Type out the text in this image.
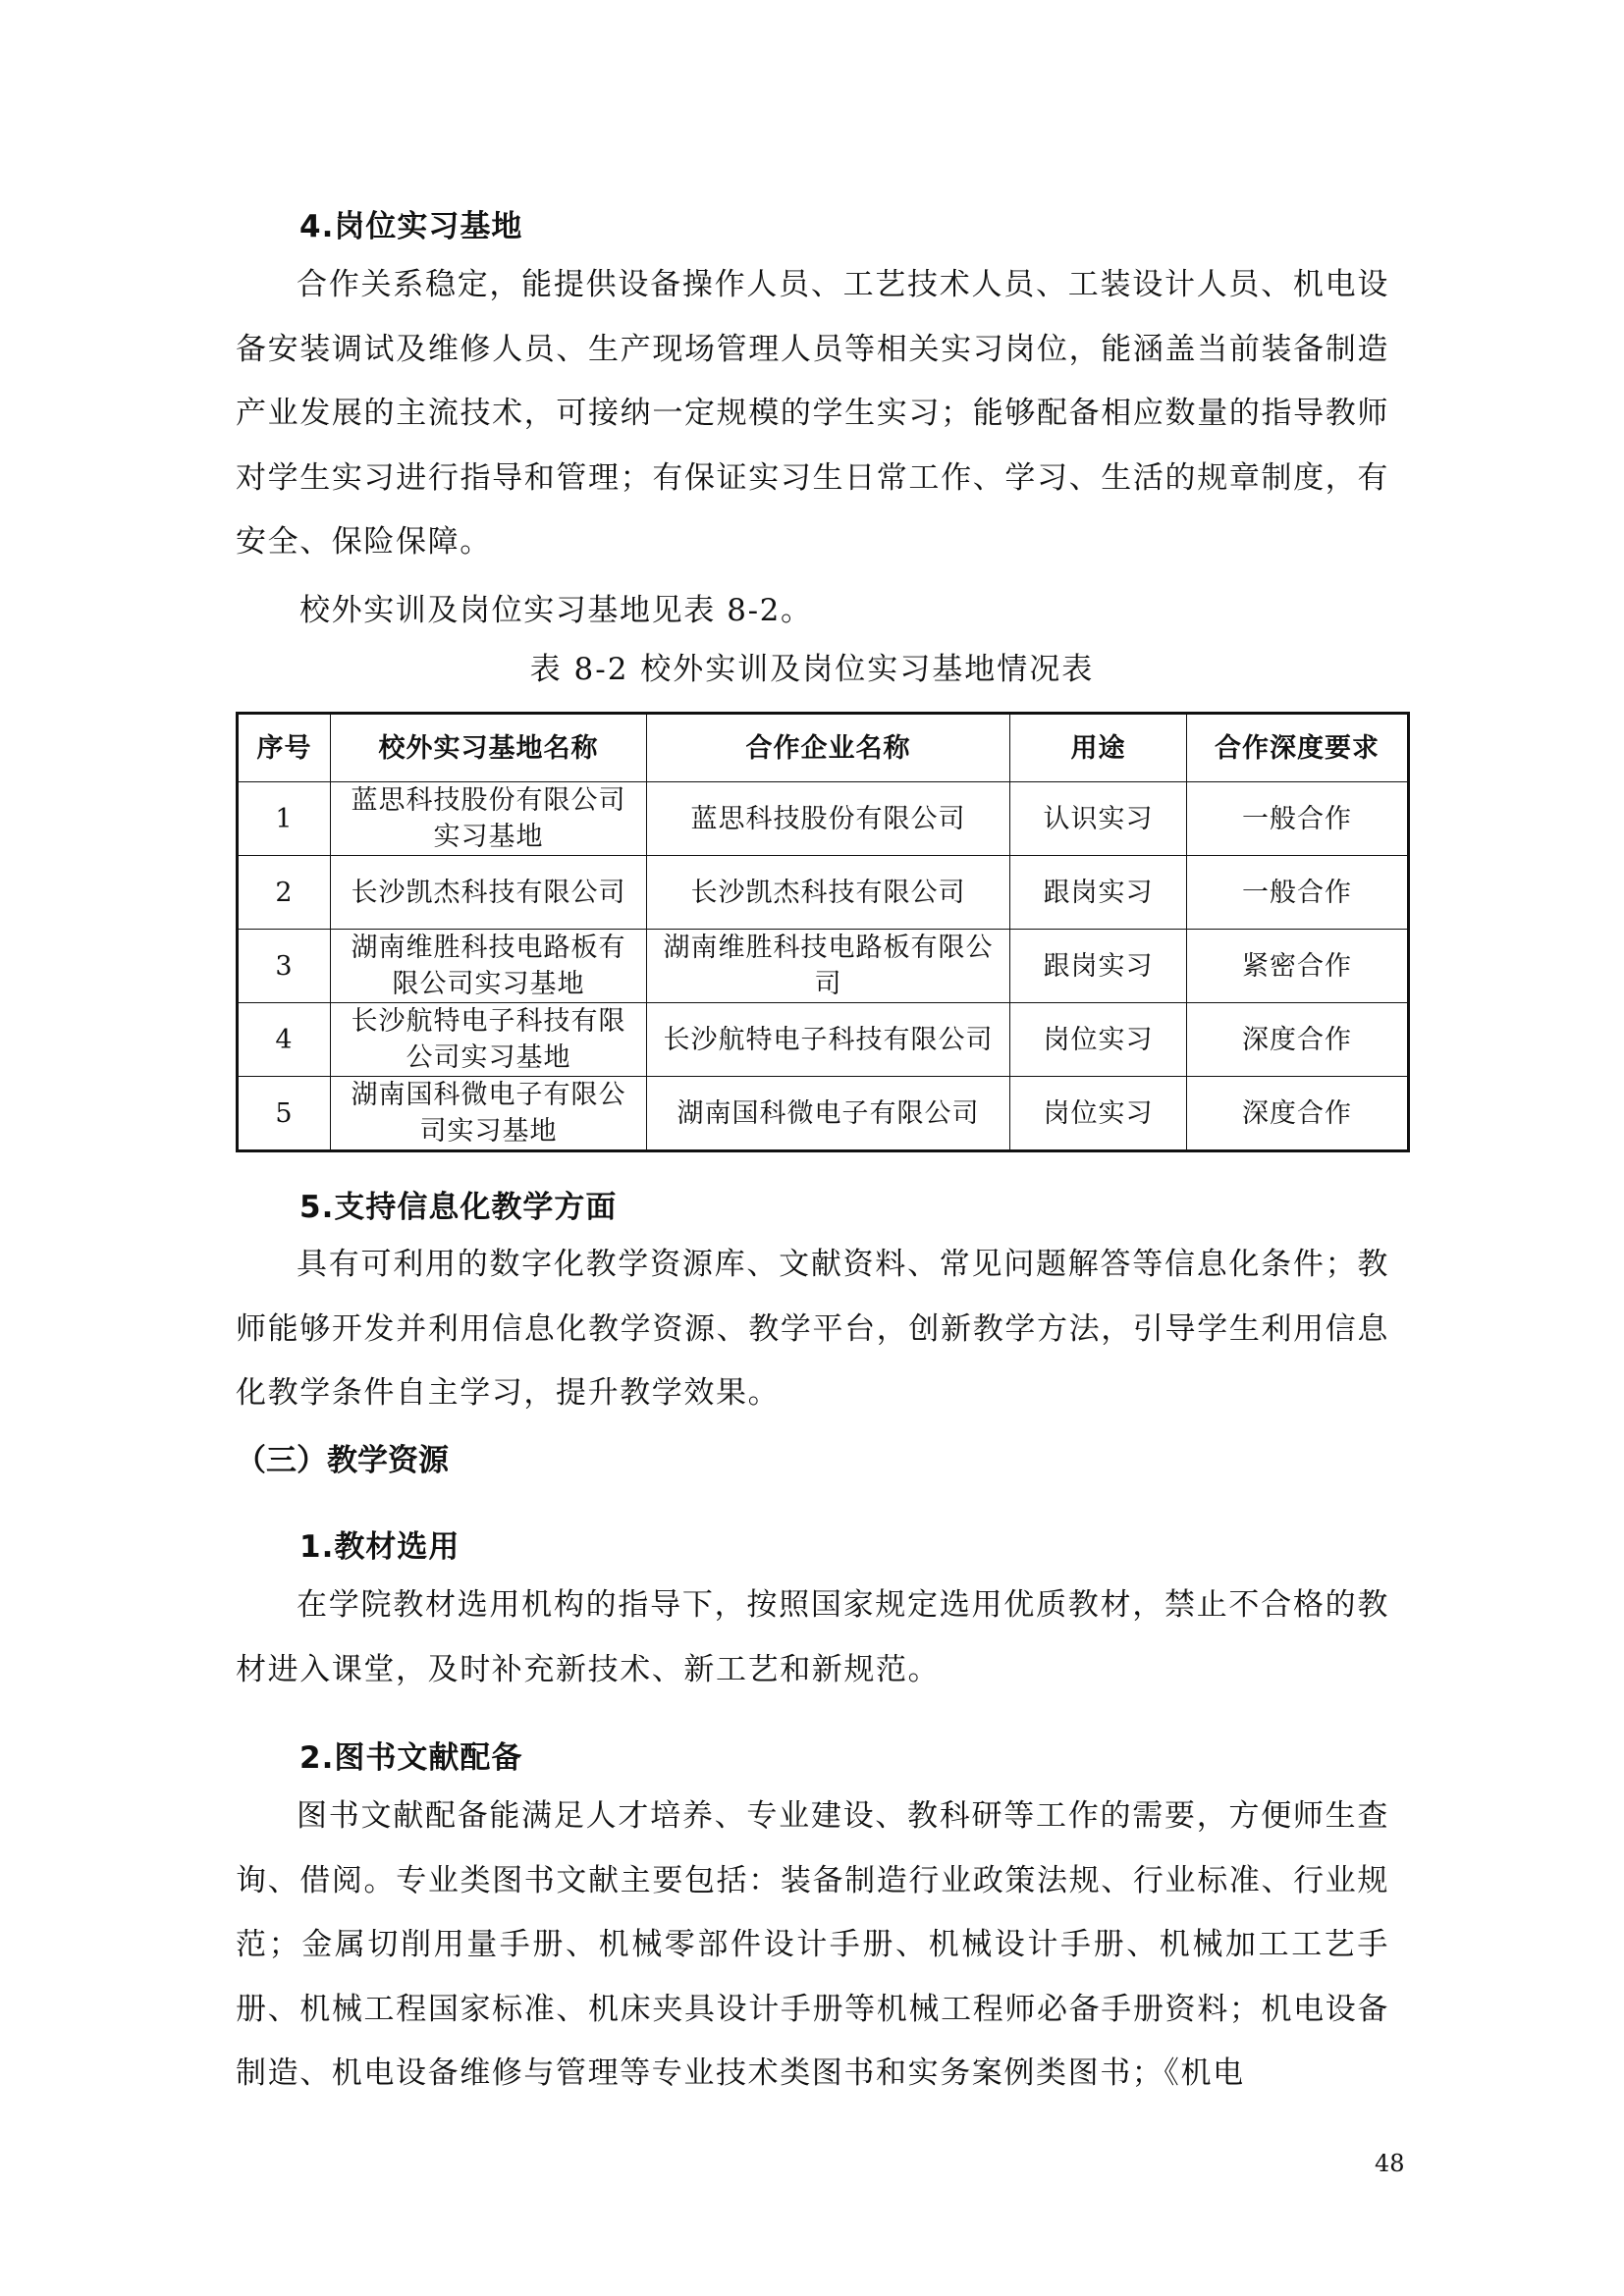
4.岗位实习基地

合作关系稳定，能提供设备操作人员、工艺技术人员、工装设计人员、机电设备安装调试及维修人员、生产现场管理人员等相关实习岗位，能涵盖当前装备制造产业发展的主流技术，可接纳一定规模的学生实习；能够配备相应数量的指导教师对学生实习进行指导和管理；有保证实习生日常工作、学习、生活的规章制度，有安全、保险保障。

校外实训及岗位实习基地见表 8-2。
表 8-2 校外实训及岗位实习基地情况表
序号	校外实习基地名称	合作企业名称	用途	合作深度要求
1	蓝思科技股份有限公司实习基地	蓝思科技股份有限公司	认识实习	一般合作
2	长沙凯杰科技有限公司	长沙凯杰科技有限公司	跟岗实习	一般合作
3	湖南维胜科技电路板有限公司实习基地	湖南维胜科技电路板有限公司	跟岗实习	紧密合作
4	长沙航特电子科技有限公司实习基地	长沙航特电子科技有限公司	岗位实习	深度合作
5	湖南国科微电子有限公司实习基地	湖南国科微电子有限公司	岗位实习	深度合作
5.支持信息化教学方面

具有可利用的数字化教学资源库、文献资料、常见问题解答等信息化条件；教师能够开发并利用信息化教学资源、教学平台，创新教学方法，引导学生利用信息化教学条件自主学习，提升教学效果。

（三）教学资源
1.教材选用

在学院教材选用机构的指导下，按照国家规定选用优质教材，禁止不合格的教材进入课堂，及时补充新技术、新工艺和新规范。

2.图书文献配备

图书文献配备能满足人才培养、专业建设、教科研等工作的需要，方便师生查询、借阅。专业类图书文献主要包括：装备制造行业政策法规、行业标准、行业规范；金属切削用量手册、机械零部件设计手册、机械设计手册、机械加工工艺手册、机械工程国家标准、机床夹具设计手册等机械工程师必备手册资料；机电设备制造、机电设备维修与管理等专业技术类图书和实务案例类图书；《机电

48
